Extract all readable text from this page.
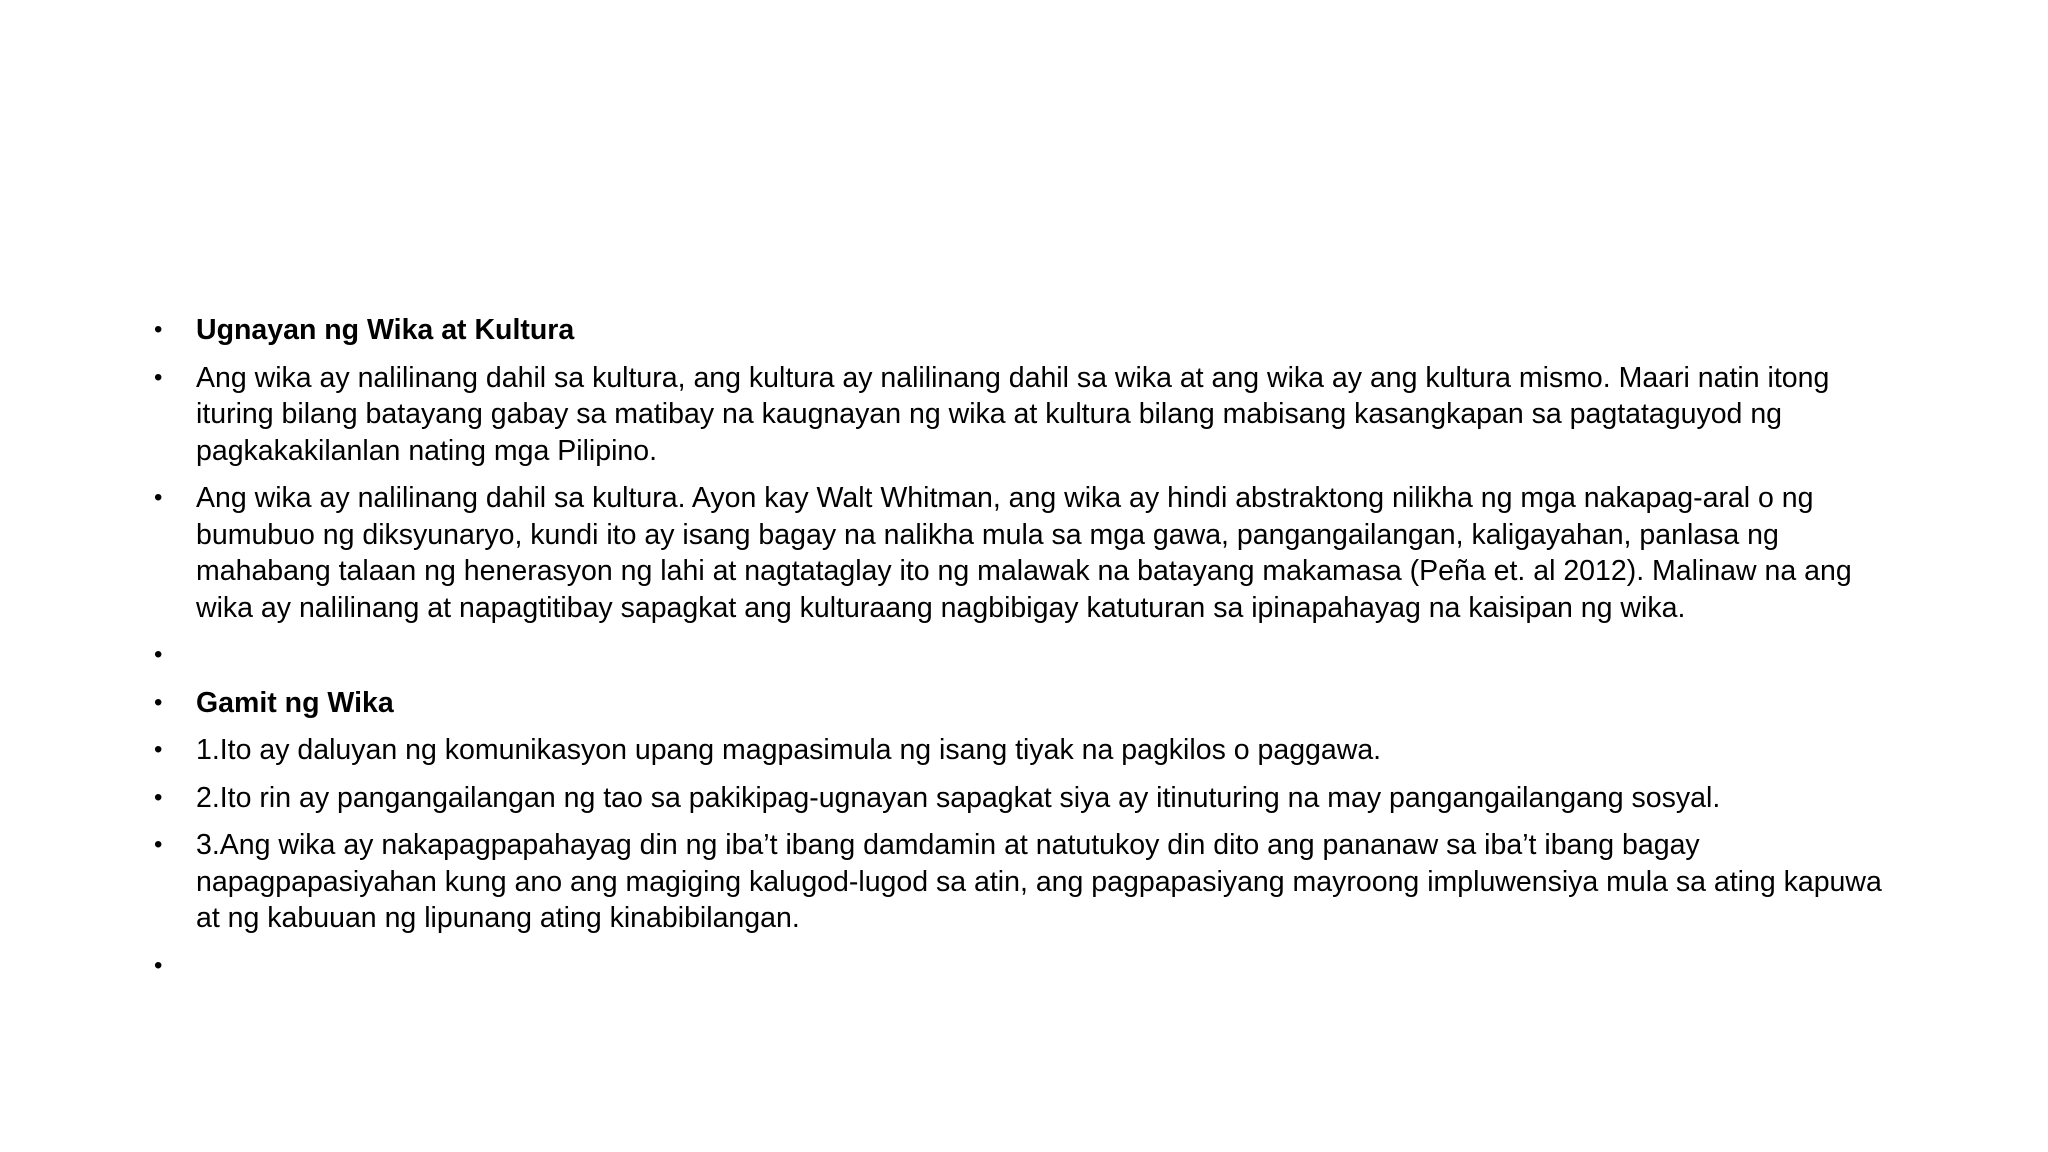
• Ugnayan ng Wika at Kultura
• Ang wika ay nalilinang dahil sa kultura, ang kultura ay nalilinang dahil sa wika at ang wika ay ang kultura mismo. Maari natin itong ituring bilang batayang gabay sa matibay na kaugnayan ng wika at kultura bilang mabisang kasangkapan sa pagtataguyod ng pagkakakilanlan nating mga Pilipino.
• Ang wika ay nalilinang dahil sa kultura. Ayon kay Walt Whitman, ang wika ay hindi abstraktong nilikha ng mga nakapag-aral o ng bumubuo ng diksyunaryo, kundi ito ay isang bagay na nalikha mula sa mga gawa, pangangailangan, kaligayahan, panlasa ng mahabang talaan ng henerasyon ng lahi at nagtataglay ito ng malawak na batayang makamasa (Peña et. al 2012). Malinaw na ang wika ay nalilinang at napagtitibay sapagkat ang kulturaang nagbibigay katuturan sa ipinapahayag na kaisipan ng wika.
•
• Gamit ng Wika
• 1.Ito ay daluyan ng komunikasyon upang magpasimula ng isang tiyak na pagkilos o paggawa.
• 2.Ito rin ay pangangailangan ng tao sa pakikipag-ugnayan sapagkat siya ay itinuturing na may pangangailangang sosyal.
• 3.Ang wika ay nakapagpapahayag din ng iba’t ibang damdamin at natutukoy din dito ang pananaw sa iba’t ibang bagay napagpapasiyahan kung ano ang magiging kalugod-lugod sa atin, ang pagpapasiyang mayroong impluwensiya mula sa ating kapuwa at ng kabuuan ng lipunang ating kinabibilangan.
•
